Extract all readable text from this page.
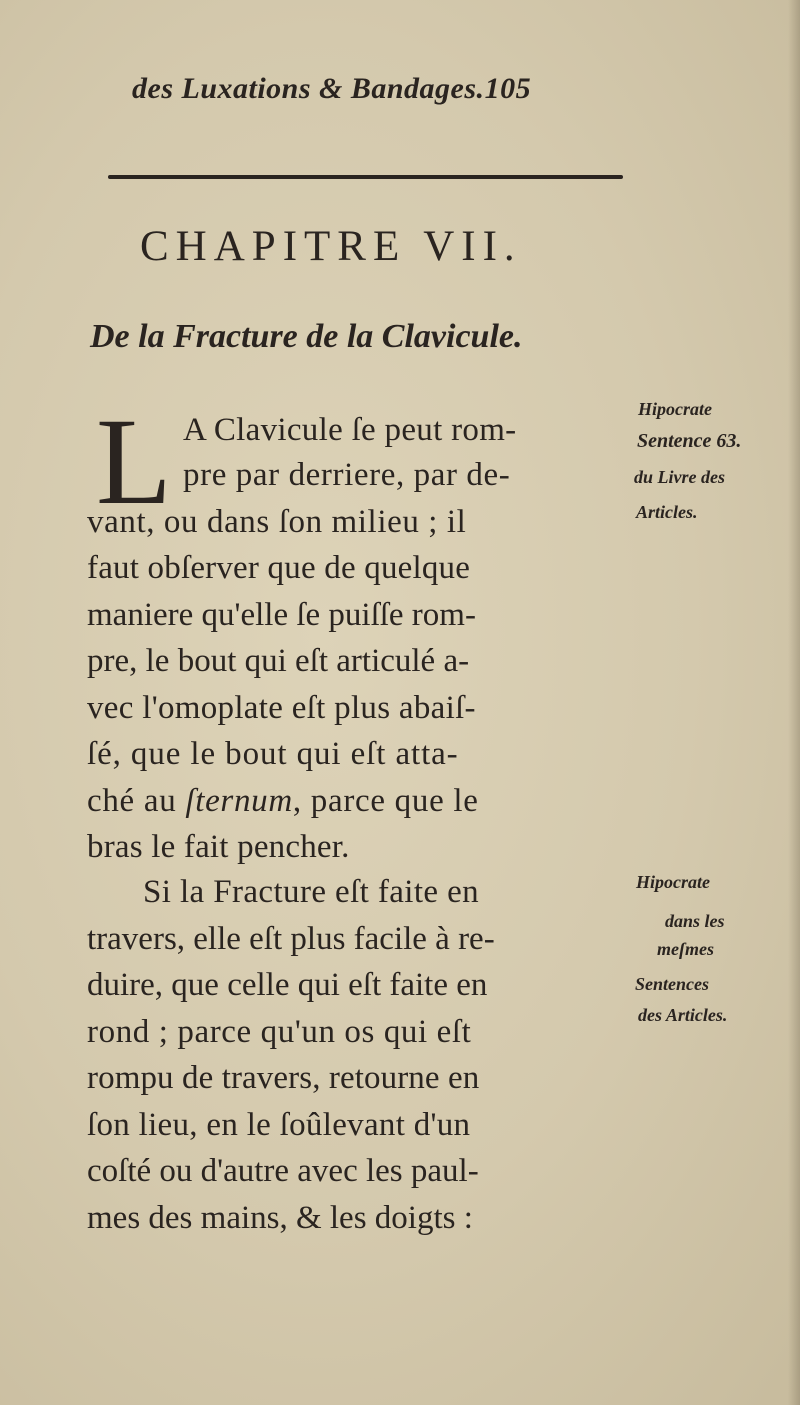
des Luxations & Bandages.105
CHAPITRE VII.
De la Fracture de la Clavicule.
L A Clavicule ſe peut rom-
pre par derriere, par de-
vant, ou dans ſon milieu ; il
faut obſerver que de quelque
maniere qu'elle ſe puiſſe rom-
pre, le bout qui eſt articulé a-
vec l'omoplate eſt plus abaiſ-
ſé, que le bout qui eſt atta-
ché au ſternum, parce que le
bras le fait pencher.
Si la Fracture eſt faite en
travers, elle eſt plus facile à re-
duire, que celle qui eſt faite en
rond ; parce qu'un os qui eſt
rompu de travers, retourne en
ſon lieu, en le ſoûlevant d'un
coſté ou d'autre avec les paul-
mes des mains, & les doigts :
Hipocrate
Sentence 63.
du Livre des
Articles.
Hipocrate
dans les
meſmes
Sentences
des Articles.
